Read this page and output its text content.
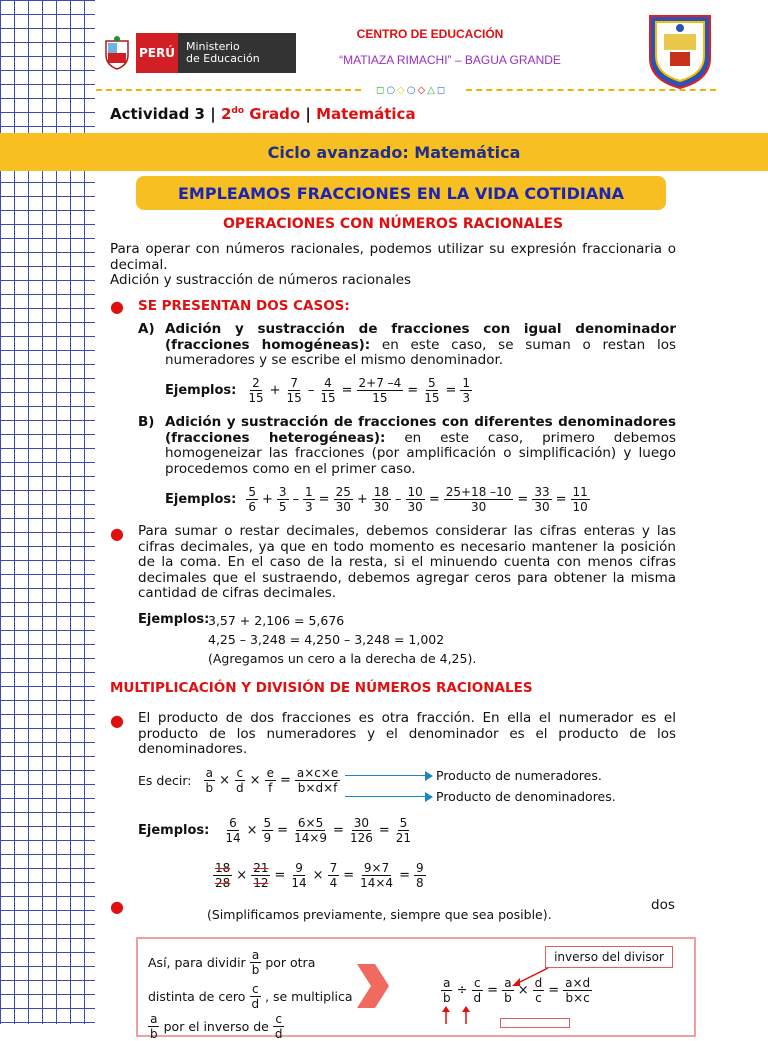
PERÚ Ministerio
de Educación
CENTRO DE EDUCACIÓN
“MATIAZA RIMACHI” – BAGUA GRANDE
◻○◇○◇△◻
Actividad 3 | $2^{do}$ Grado | Matemática
Ciclo avanzado: Matemática
EMPLEAMOS FRACCIONES EN LA VIDA COTIDIANA
OPERACIONES CON NÚMEROS RACIONALES
Para operar con números racionales, podemos utilizar su expresión fraccionaria o decimal.
Adición y sustracción de números racionales
● SE PRESENTAN DOS CASOS:
A) Adición y sustracción de fracciones con igual denominador (fracciones homogéneas): en este caso, se suman o restan los numeradores y se escribe el mismo denominador.
Ejemplos: $\frac{2}{15} + \frac{7}{15} - \frac{4}{15} = \frac{2+7 -4}{15} = \frac{5}{15} = \frac{1}{3}$
B) Adición y sustracción de fracciones con diferentes denominadores (fracciones heterogéneas): en este caso, primero debemos homogeneizar las fracciones (por amplificación o simplificación) y luego procedemos como en el primer caso.
Ejemplos: $\frac{5}{6} + \frac{3}{5} - \frac{1}{3} = \frac{25}{30} + \frac{18}{30} - \frac{10}{30} = \frac{25+18 -10}{30} = \frac{33}{30} = \frac{11}{10}$
● Para sumar o restar decimales, debemos considerar las cifras enteras y las cifras decimales, ya que en todo momento es necesario mantener la posición de la coma. En el caso de la resta, si el minuendo cuenta con menos cifras decimales que el sustraendo, debemos agregar ceros para obtener la misma cantidad de cifras decimales.
Ejemplos:
3,57 + 2,106 = 5,676
4,25 – 3,248 = 4,250 – 3,248 = 1,002
(Agregamos un cero a la derecha de 4,25).
MULTIPLICACIÓN Y DIVISIÓN DE NÚMEROS RACIONALES
● El producto de dos fracciones es otra fracción. En ella el numerador es el producto de los numeradores y el denominador es el producto de los denominadores.
Es decir: $\frac{a}{b} \times \frac{c}{d} \times \frac{e}{f} = \frac{a\times c\times e}{b\times d\times f}$	Producto de numeradores.
Producto de denominadores.
Ejemplos: $\frac{6}{14} \times \frac{5}{9} = \frac{6\times 5}{14\times 9} = \frac{30}{126} = \frac{5}{21}$
$\frac{18}{28} \times \frac{21}{12} = \frac{9}{14} \times \frac{7}{4} = \frac{9\times 7}{14\times 4} = \frac{9}{8}$
●	(Simplificamos previamente, siempre que sea posible).
dos
Así, para dividir $\frac{a}{b}$ por otra
distinta de cero $\frac{c}{d}$ , se multiplica
$\frac{a}{b}$ por el inverso de $\frac{c}{d}$
inverso del divisor
$\frac{a}{b} \div \frac{c}{d} = \frac{a}{b} \times \frac{d}{c} = \frac{a\times d}{b\times c}$
